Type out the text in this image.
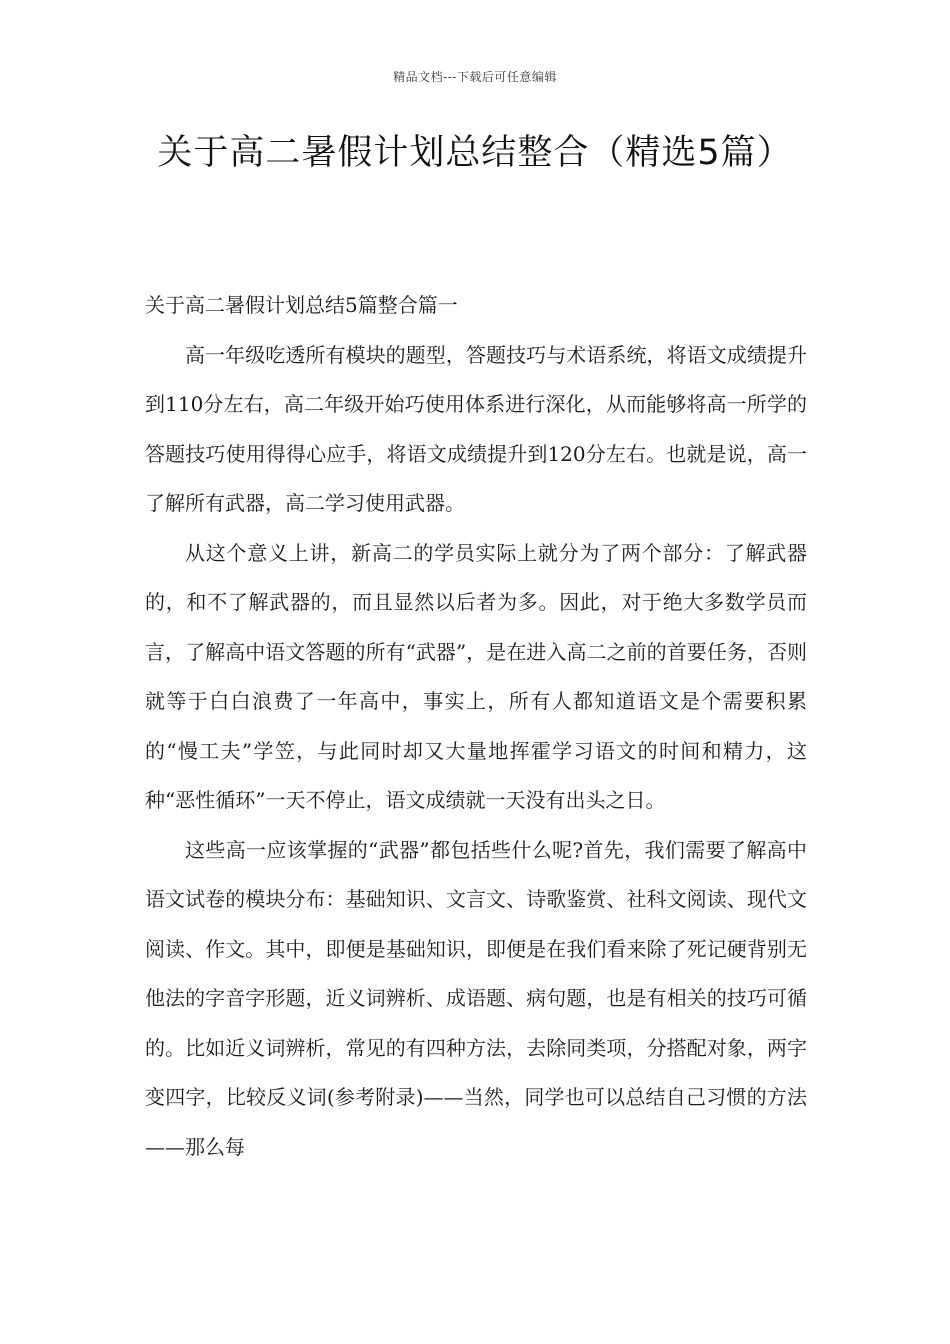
精品文档---下载后可任意编辑
关于高二暑假计划总结整合（精选5篇）

关于高二暑假计划总结5篇整合篇一

高一年级吃透所有模块的题型，答题技巧与术语系统，将语文成绩提升到110分左右，高二年级开始巧使用体系进行深化，从而能够将高一所学的答题技巧使用得得心应手，将语文成绩提升到120分左右。也就是说，高一了解所有武器，高二学习使用武器。

从这个意义上讲，新高二的学员实际上就分为了两个部分：了解武器的，和不了解武器的，而且显然以后者为多。因此，对于绝大多数学员而言，了解高中语文答题的所有“武器”，是在进入高二之前的首要任务，否则就等于白白浪费了一年高中，事实上，所有人都知道语文是个需要积累的“慢工夫”学笠，与此同时却又大量地挥霍学习语文的时间和精力，这种“恶性循环”一天不停止，语文成绩就一天没有出头之日。

这些高一应该掌握的“武器”都包括些什么呢?首先，我们需要了解高中语文试卷的模块分布：基础知识、文言文、诗歌鉴赏、社科文阅读、现代文阅读、作文。其中，即便是基础知识，即便是在我们看来除了死记硬背别无他法的字音字形题，近义词辨析、成语题、病句题，也是有相关的技巧可循的。比如近义词辨析，常见的有四种方法，去除同类项，分搭配对象，两字变四字，比较反义词(参考附录)——当然，同学也可以总结自己习惯的方法——那么每
